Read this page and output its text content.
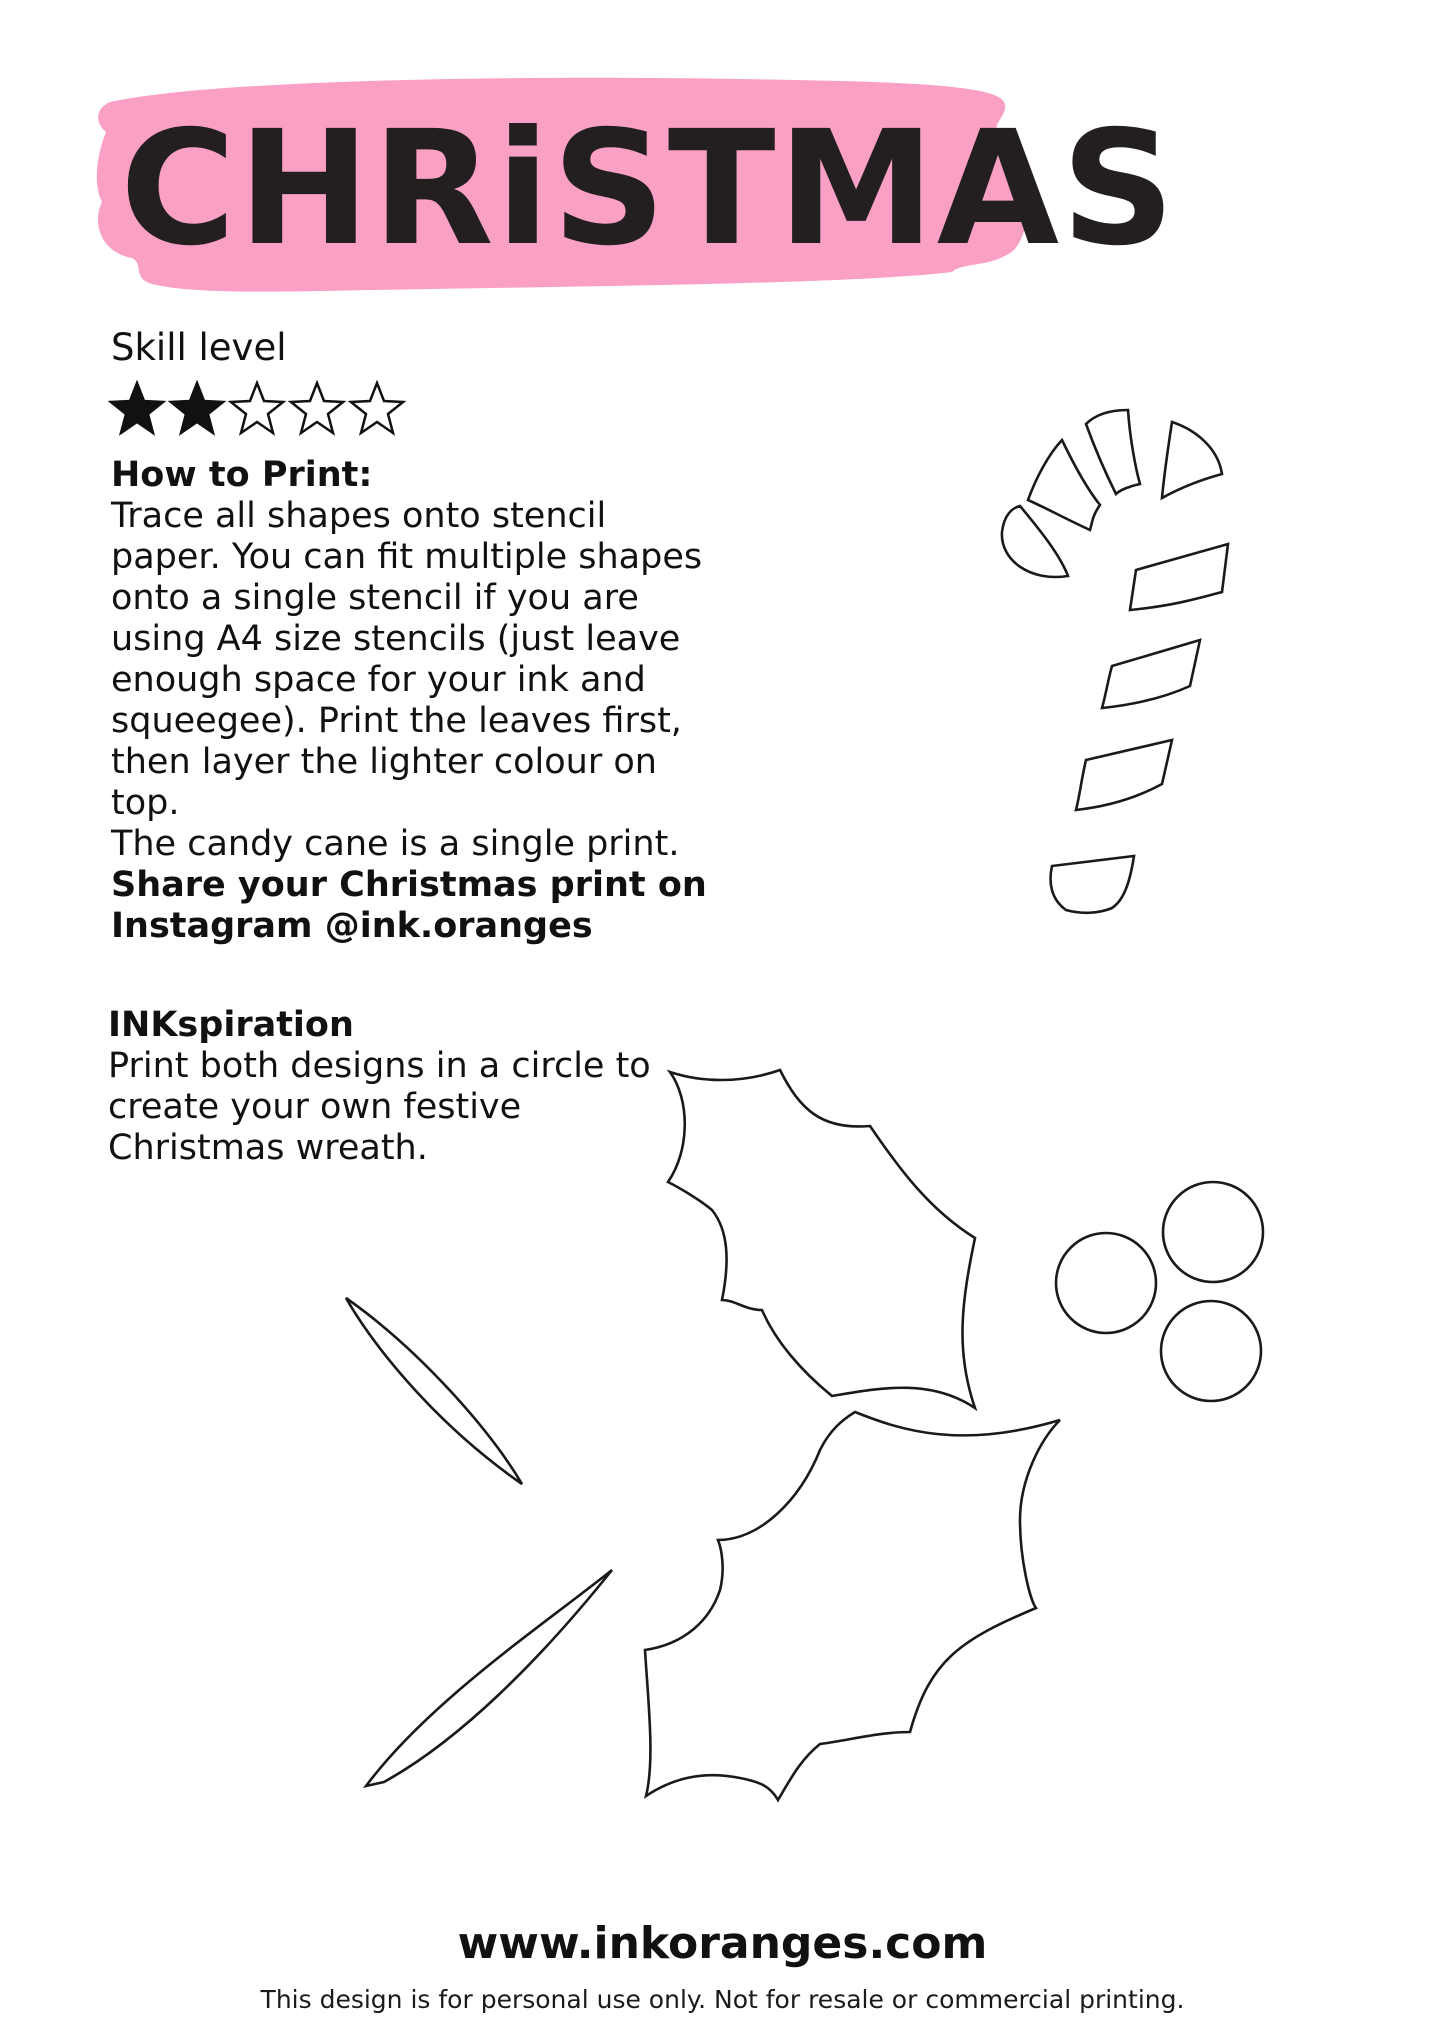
CHRiSTMAS

Skill level

How to Print:
Trace all shapes onto stencil paper. You can fit multiple shapes onto a single stencil if you are using A4 size stencils (just leave enough space for your ink and squeegee). Print the leaves first, then layer the lighter colour on top.
The candy cane is a single print.
Share your Christmas print on Instagram @ink.oranges
INKspiration
Print both designs in a circle to create your own festive Christmas wreath.

www.inkoranges.com

This design is for personal use only. Not for resale or commercial printing.
